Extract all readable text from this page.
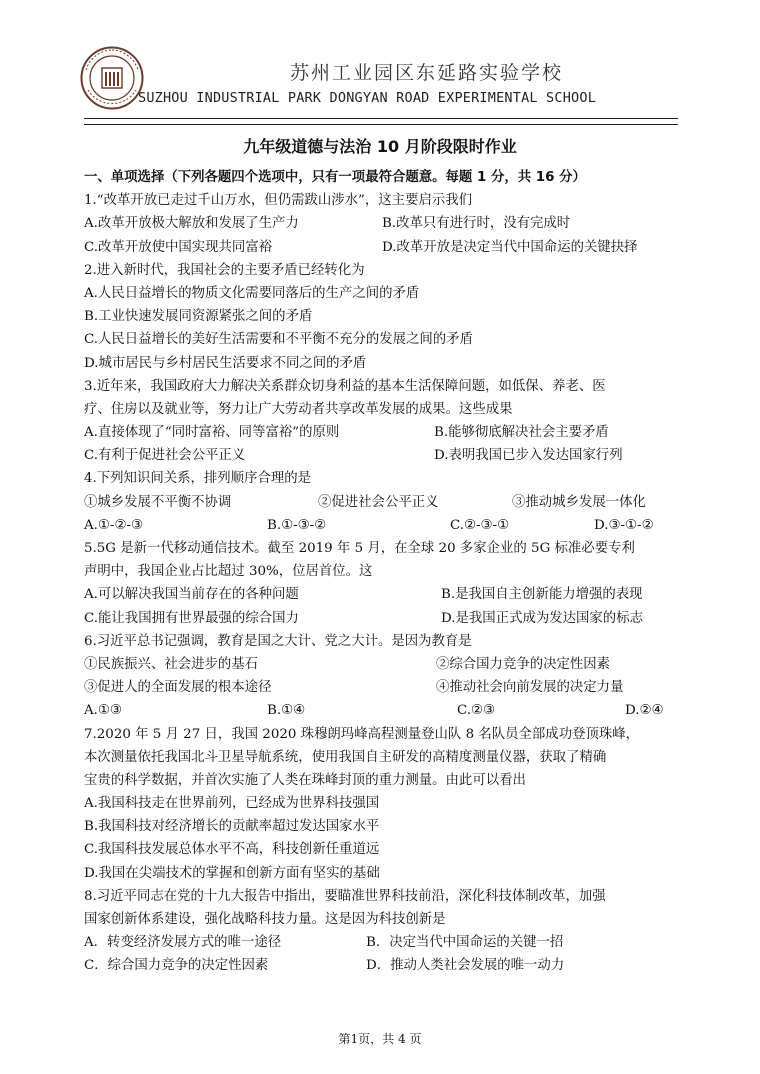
苏州工业园区东延路实验学校
SUZHOU INDUSTRIAL PARK DONGYAN ROAD EXPERIMENTAL SCHOOL
九年级道德与法治 10 月阶段限时作业
一、单项选择（下列各题四个选项中，只有一项最符合题意。每题 1 分，共 16 分）
1.“改革开放已走过千山万水，但仍需跋山涉水”，这主要启示我们
A.改革开放极大解放和发展了生产力	B.改革只有进行时，没有完成时
C.改革开放使中国实现共同富裕	D.改革开放是决定当代中国命运的关键抉择
2.进入新时代，我国社会的主要矛盾已经转化为
A.人民日益增长的物质文化需要同落后的生产之间的矛盾
B.工业快速发展同资源紧张之间的矛盾
C.人民日益增长的美好生活需要和不平衡不充分的发展之间的矛盾
D.城市居民与乡村居民生活要求不同之间的矛盾
3.近年来，我国政府大力解决关系群众切身利益的基本生活保障问题，如低保、养老、医
疗、住房以及就业等，努力让广大劳动者共享改革发展的成果。这些成果
A.直接体现了“同时富裕、同等富裕”的原则	B.能够彻底解决社会主要矛盾
C.有利于促进社会公平正义	D.表明我国已步入发达国家行列
4.下列知识间关系，排列顺序合理的是
①城乡发展不平衡不协调	②促进社会公平正义	③推动城乡发展一体化
A.①-②-③	B.①-③-②	C.②-③-①	D.③-①-②
5.5G 是新一代移动通信技术。截至 2019 年 5 月，在全球 20 多家企业的 5G 标准必要专利
声明中，我国企业占比超过 30%，位居首位。这
A.可以解决我国当前存在的各种问题	B.是我国自主创新能力增强的表现
C.能让我国拥有世界最强的综合国力	D.是我国正式成为发达国家的标志
6.习近平总书记强调，教育是国之大计、党之大计。是因为教育是
①民族振兴、社会进步的基石	②综合国力竞争的决定性因素
③促进人的全面发展的根本途径	④推动社会向前发展的决定力量
A.①③	B.①④	C.②③	D.②④
7.2020 年 5 月 27 日，我国 2020 珠穆朗玛峰高程测量登山队 8 名队员全部成功登顶珠峰，
本次测量依托我国北斗卫星导航系统，使用我国自主研发的高精度测量仪器，获取了精确
宝贵的科学数据，并首次实施了人类在珠峰封顶的重力测量。由此可以看出
A.我国科技走在世界前列，已经成为世界科技强国
B.我国科技对经济增长的贡献率超过发达国家水平
C.我国科技发展总体水平不高，科技创新任重道远
D.我国在尖端技术的掌握和创新方面有坚实的基础
8.习近平同志在党的十九大报告中指出，要瞄准世界科技前沿，深化科技体制改革，加强
国家创新体系建设，强化战略科技力量。这是因为科技创新是
A．转变经济发展方式的唯一途径	B．决定当代中国命运的关键一招
C．综合国力竞争的决定性因素	D．推动人类社会发展的唯一动力
第1页，共 4 页
